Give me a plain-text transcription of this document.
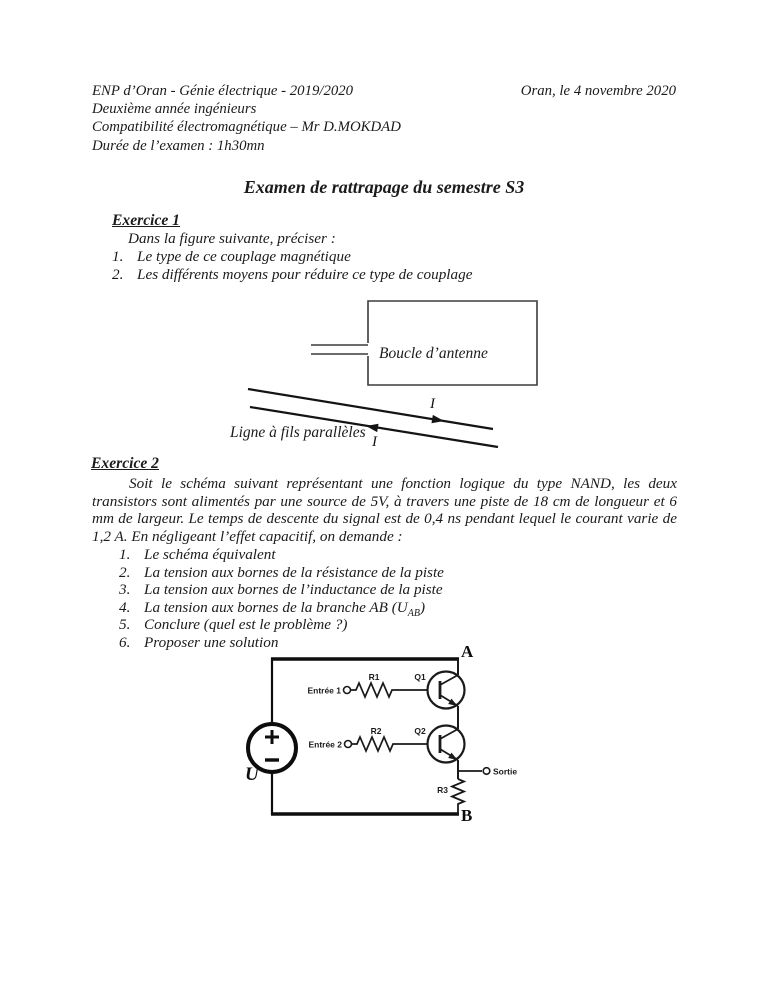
ENP d’Oran - Génie électrique - 2019/2020	Oran, le 4 novembre 2020
Deuxième année ingénieurs
Compatibilité électromagnétique – Mr D.MOKDAD
Durée de l’examen : 1h30mn
Examen de rattrapage du semestre S3
Exercice 1
Dans la figure suivante, préciser :
1. Le type de ce couplage magnétique
2. Les différents moyens pour réduire ce type de couplage
Boucle d’antenne
I
I
Ligne à fils parallèles
Exercice 2
Soit le schéma suivant représentant une fonction logique du type NAND, les deux transistors sont alimentés par une source de 5V, à travers une piste de 18 cm de longueur et 6 mm de largeur. Le temps de descente du signal est de 0,4 ns pendant lequel le courant varie de 1,2 A. En négligeant l’effet capacitif, on demande :
1. Le schéma équivalent
2. La tension aux bornes de la résistance de la piste
3. La tension aux bornes de l’inductance de la piste
4. La tension aux bornes de la branche AB $(U_{AB})$
5. Conclure (quel est le problème ?)
6. Proposer une solution
U
A
B
Entrée 1
R1	Q1
Entrée 2
R2	Q2
Sortie
R3
